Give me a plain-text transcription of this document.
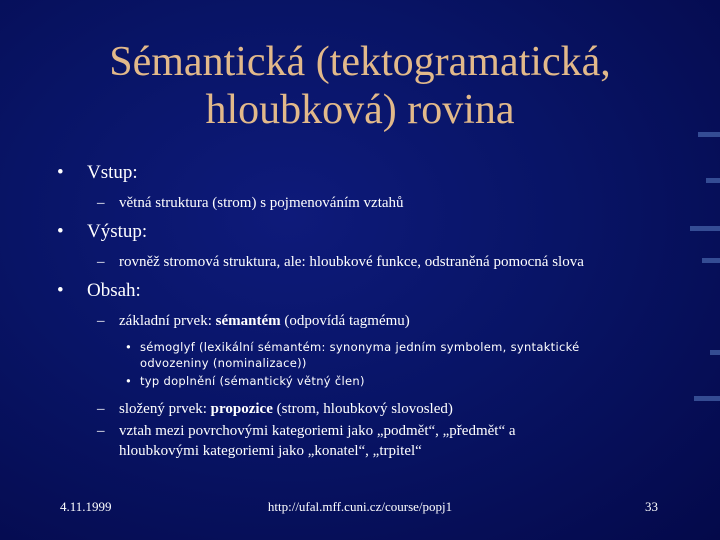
Sémantická (tektogramatická,
hloubková) rovina
• Vstup:
– větná struktura (strom) s pojmenováním vztahů
• Výstup:
– rovněž stromová struktura, ale: hloubkové funkce, odstraněná pomocná slova
• Obsah:
– základní prvek: sémantém (odpovídá tagmému)
• sémoglyf (lexikální sémantém: synonyma jedním symbolem, syntaktické odvozeniny (nominalizace))
• typ doplnění (sémantický větný člen)
– složený prvek: propozice (strom, hloubkový slovosled)
– vztah mezi povrchovými kategoriemi jako „podmět“, „předmět“ a hloubkovými kategoriemi jako „konatel“, „trpitel“
4.11.1999	http://ufal.mff.cuni.cz/course/popj1	33
